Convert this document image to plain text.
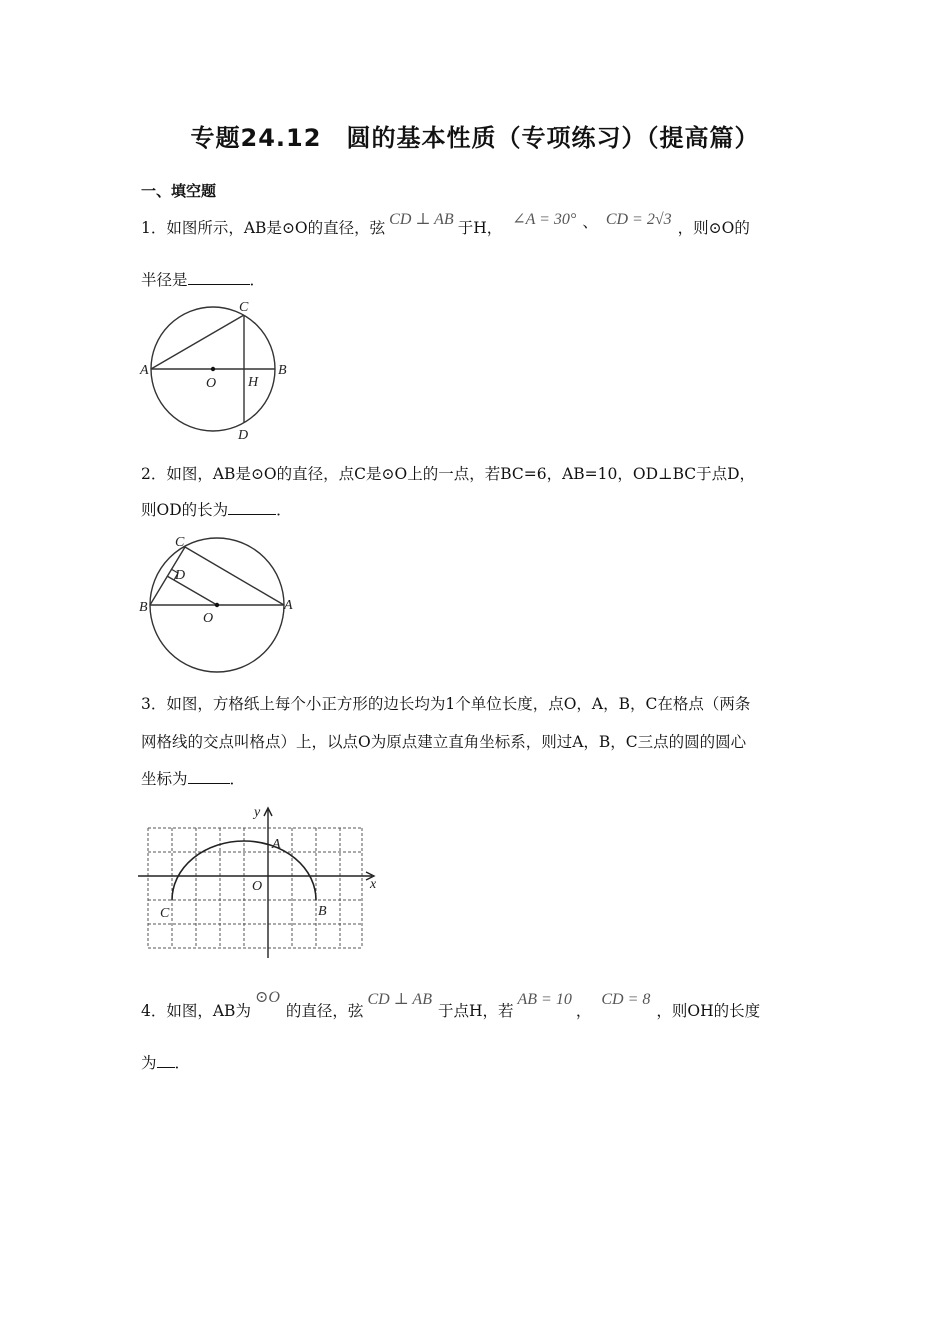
专题24.12　圆的基本性质（专项练习）（提高篇）
一、填空题
1．如图所示，AB是⊙O的直径，弦 CD ⊥ AB 于H， ∠A = 30° 、 CD = 2√3 ，则⊙O的
半径是	．
A	B
C
D
O H
2．如图，AB是⊙O的直径，点C是⊙O上的一点，若BC=6，AB=10，OD⊥BC于点D，
则OD的长为	．
B	A
C
D
O
3．如图，方格纸上每个小正方形的边长均为1个单位长度，点O，A，B，C在格点（两条
网格线的交点叫格点）上，以点O为原点建立直角坐标系，则过A，B，C三点的圆的圆心
坐标为	．
C	B
A
O	x
y
4．如图，AB为⊙O的直径，弦CD ⊥ AB于点H，若AB = 10，CD = 8，则OH的长度
为 ．
